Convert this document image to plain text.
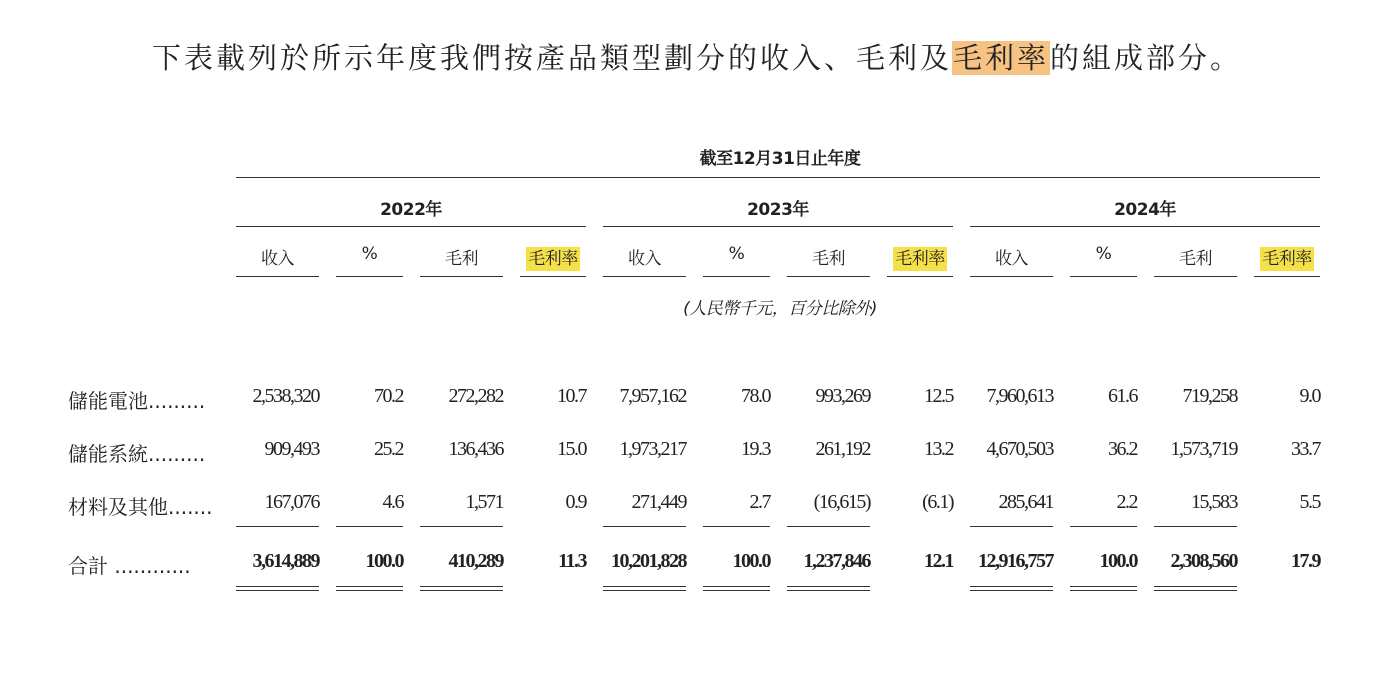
下表載列於所示年度我們按產品類型劃分的收入、毛利及毛利率的組成部分。
截至12月31日止年度
2022年	2023年	2024年
收入	%	毛利	毛利率	收入	%	毛利	毛利率	收入	%	毛利	毛利率
(人民幣千元，百分比除外)
儲能電池.........	2,538,320	70.2	272,282	10.7	7,957,162	78.0	993,269	12.5	7,960,613	61.6	719,258	9.0
儲能系統.........	909,493	25.2	136,436	15.0	1,973,217	19.3	261,192	13.2	4,670,503	36.2	1,573,719	33.7
材料及其他.......	167,076	4.6	1,571	0.9	271,449	2.7	(16,615)	(6.1)	285,641	2.2	15,583	5.5
合計 ............	3,614,889	100.0	410,289	11.3	10,201,828	100.0	1,237,846	12.1	12,916,757	100.0	2,308,560	17.9
